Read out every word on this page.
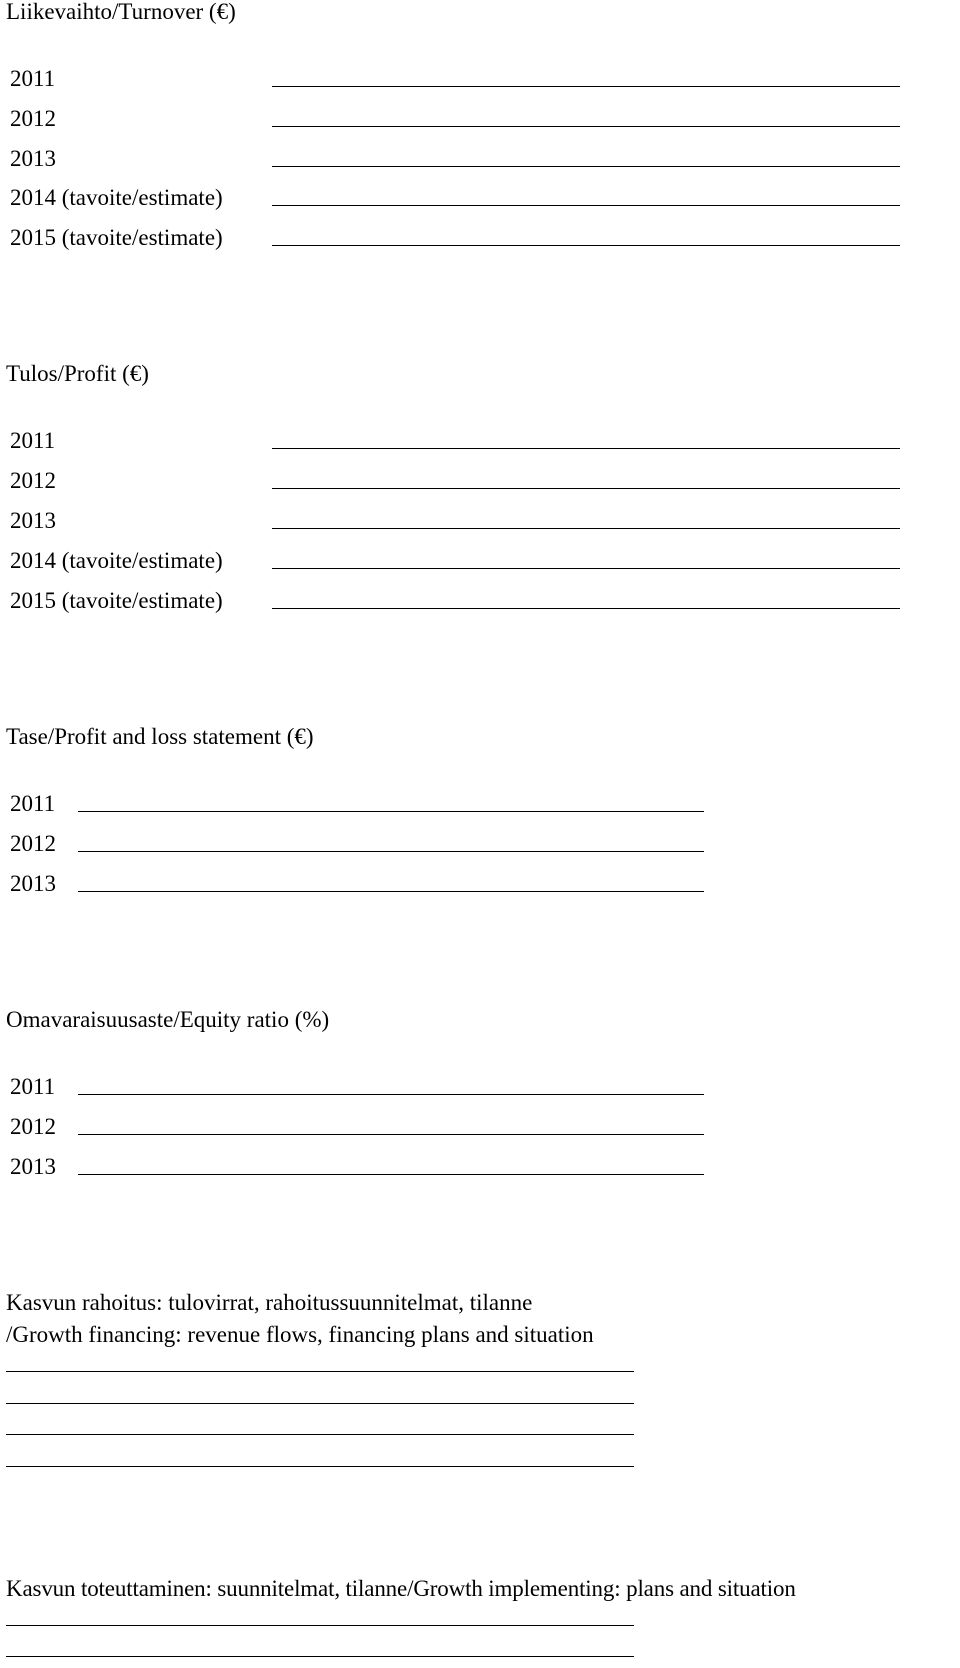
Liikevaihto/Turnover (€)
2011
2012
2013
2014 (tavoite/estimate)
2015 (tavoite/estimate)
Tulos/Profit (€)
2011
2012
2013
2014 (tavoite/estimate)
2015 (tavoite/estimate)
Tase/Profit and loss statement (€)
2011
2012
2013
Omavaraisuusaste/Equity ratio (%)
2011
2012
2013
Kasvun rahoitus: tulovirrat, rahoitussuunnitelmat, tilanne
/Growth financing: revenue flows, financing plans and situation
Kasvun toteuttaminen: suunnitelmat, tilanne/Growth implementing: plans and situation
